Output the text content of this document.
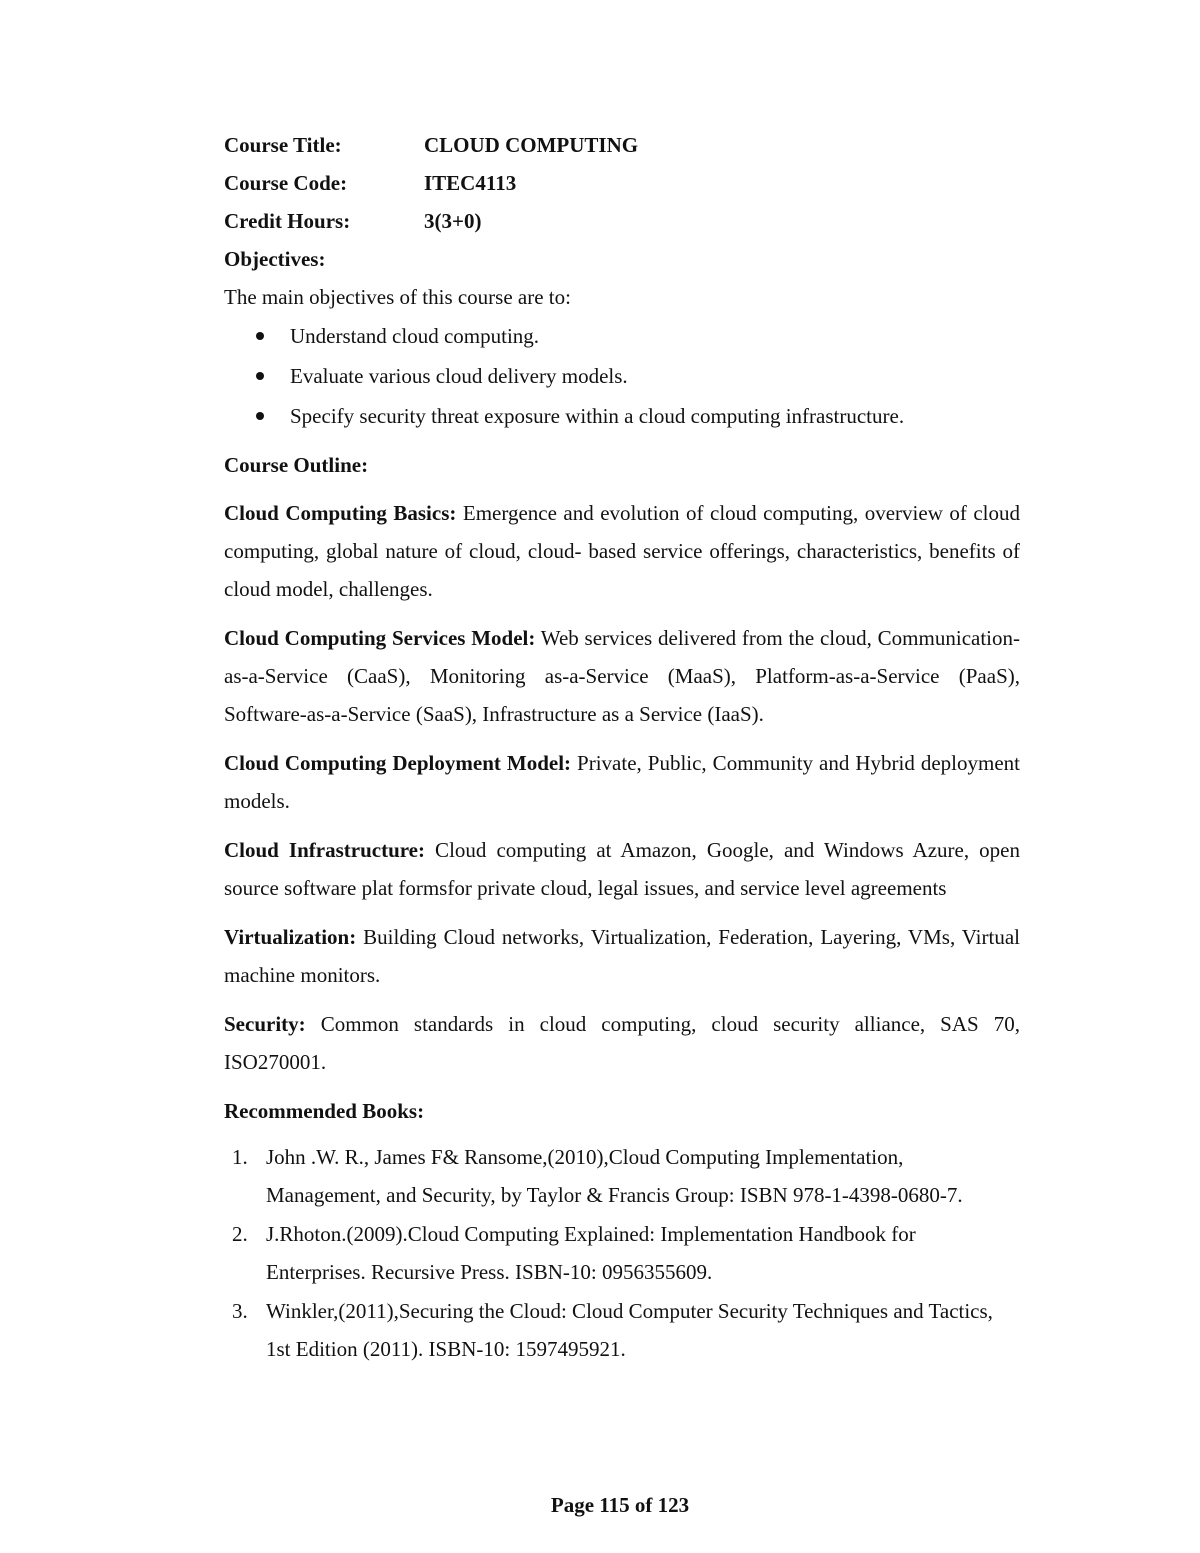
Course Title:	CLOUD COMPUTING
Course Code:	ITEC4113
Credit Hours:	3(3+0)
Objectives:
The main objectives of this course are to:
Understand cloud computing.
Evaluate various cloud delivery models.
Specify security threat exposure within a cloud computing infrastructure.
Course Outline:
Cloud Computing Basics: Emergence and evolution of cloud computing, overview of cloud computing, global nature of cloud, cloud- based service offerings, characteristics, benefits of cloud model, challenges.
Cloud Computing Services Model: Web services delivered from the cloud, Communication-as-a-Service (CaaS), Monitoring as-a-Service (MaaS), Platform-as-a-Service (PaaS), Software-as-a-Service (SaaS), Infrastructure as a Service (IaaS).
Cloud Computing Deployment Model: Private, Public, Community and Hybrid deployment models.
Cloud Infrastructure: Cloud computing at Amazon, Google, and Windows Azure, open source software plat formsfor private cloud, legal issues, and service level agreements
Virtualization: Building Cloud networks, Virtualization, Federation, Layering, VMs, Virtual machine monitors.
Security: Common standards in cloud computing, cloud security alliance, SAS 70, ISO270001.
Recommended Books:
1. John .W. R., James F& Ransome,(2010),Cloud Computing Implementation, Management, and Security, by Taylor & Francis Group: ISBN 978-1-4398-0680-7.
2. J.Rhoton.(2009).Cloud Computing Explained: Implementation Handbook for Enterprises. Recursive Press. ISBN-10: 0956355609.
3. Winkler,(2011),Securing the Cloud: Cloud Computer Security Techniques and Tactics, 1st Edition (2011). ISBN-10: 1597495921.
Page 115 of 123
